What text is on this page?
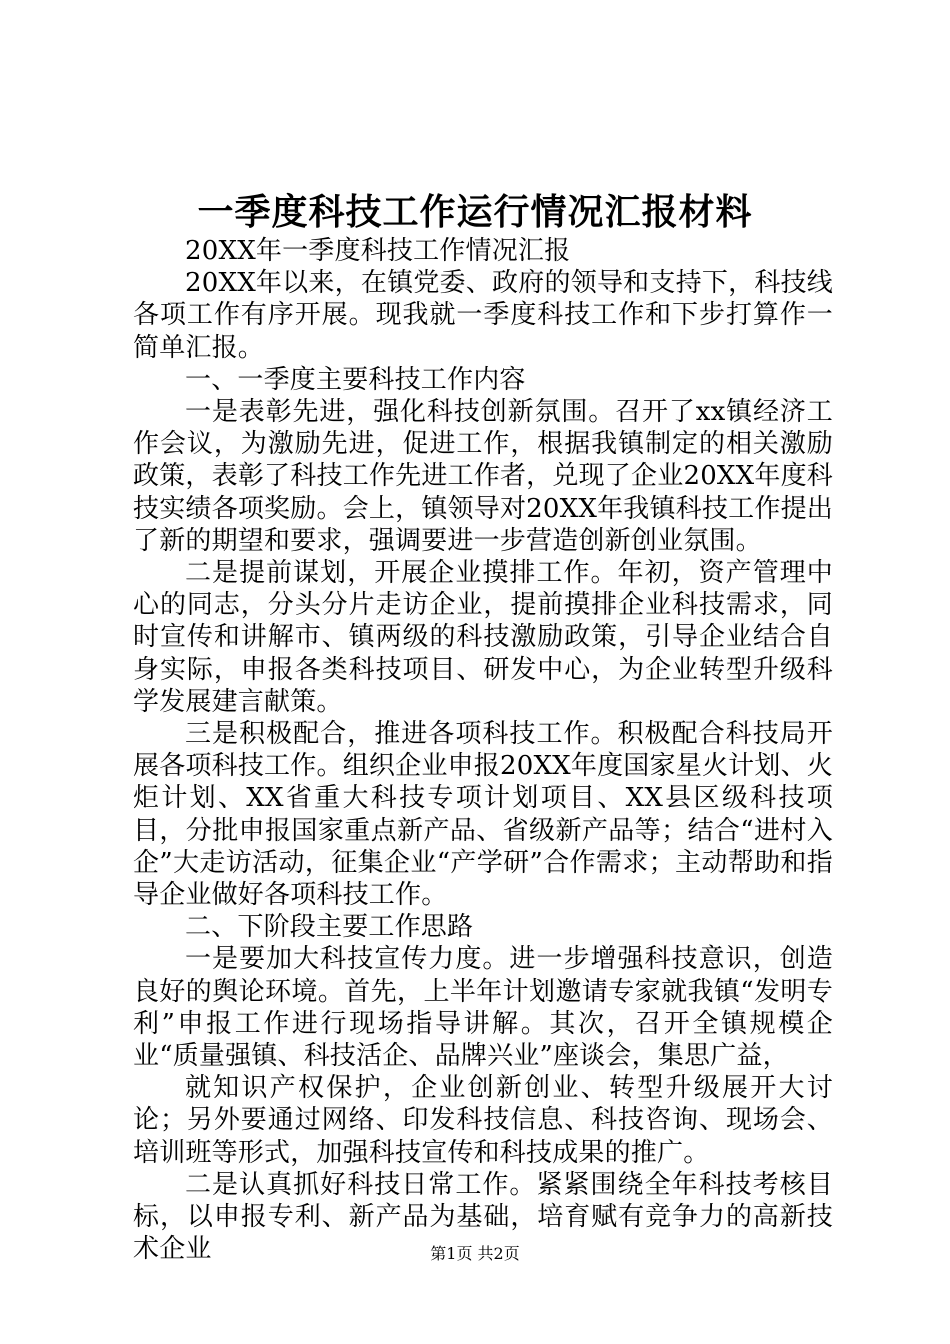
一季度科技工作运行情况汇报材料

20XX年一季度科技工作情况汇报

20XX年以来，在镇党委、政府的领导和支持下，科技线各项工作有序开展。现我就一季度科技工作和下步打算作一简单汇报。

一、一季度主要科技工作内容

一是表彰先进，强化科技创新氛围。召开了xx镇经济工作会议，为激励先进，促进工作，根据我镇制定的相关激励政策，表彰了科技工作先进工作者，兑现了企业20XX年度科技实绩各项奖励。会上，镇领导对20XX年我镇科技工作提出了新的期望和要求，强调要进一步营造创新创业氛围。

二是提前谋划，开展企业摸排工作。年初，资产管理中心的同志，分头分片走访企业，提前摸排企业科技需求，同时宣传和讲解市、镇两级的科技激励政策，引导企业结合自身实际，申报各类科技项目、研发中心，为企业转型升级科学发展建言献策。

三是积极配合，推进各项科技工作。积极配合科技局开展各项科技工作。组织企业申报20XX年度国家星火计划、火炬计划、XX省重大科技专项计划项目、XX县区级科技项目，分批申报国家重点新产品、省级新产品等；结合“进村入企”大走访活动，征集企业“产学研”合作需求；主动帮助和指导企业做好各项科技工作。

二、下阶段主要工作思路

一是要加大科技宣传力度。进一步增强科技意识，创造良好的舆论环境。首先，上半年计划邀请专家就我镇“发明专利”申报工作进行现场指导讲解。其次，召开全镇规模企业“质量强镇、科技活企、品牌兴业”座谈会，集思广益，

就知识产权保护，企业创新创业、转型升级展开大讨论；另外要通过网络、印发科技信息、科技咨询、现场会、培训班等形式，加强科技宣传和科技成果的推广。

二是认真抓好科技日常工作。紧紧围绕全年科技考核目标，以申报专利、新产品为基础，培育赋有竞争力的高新技术企业	第1页 共2页
